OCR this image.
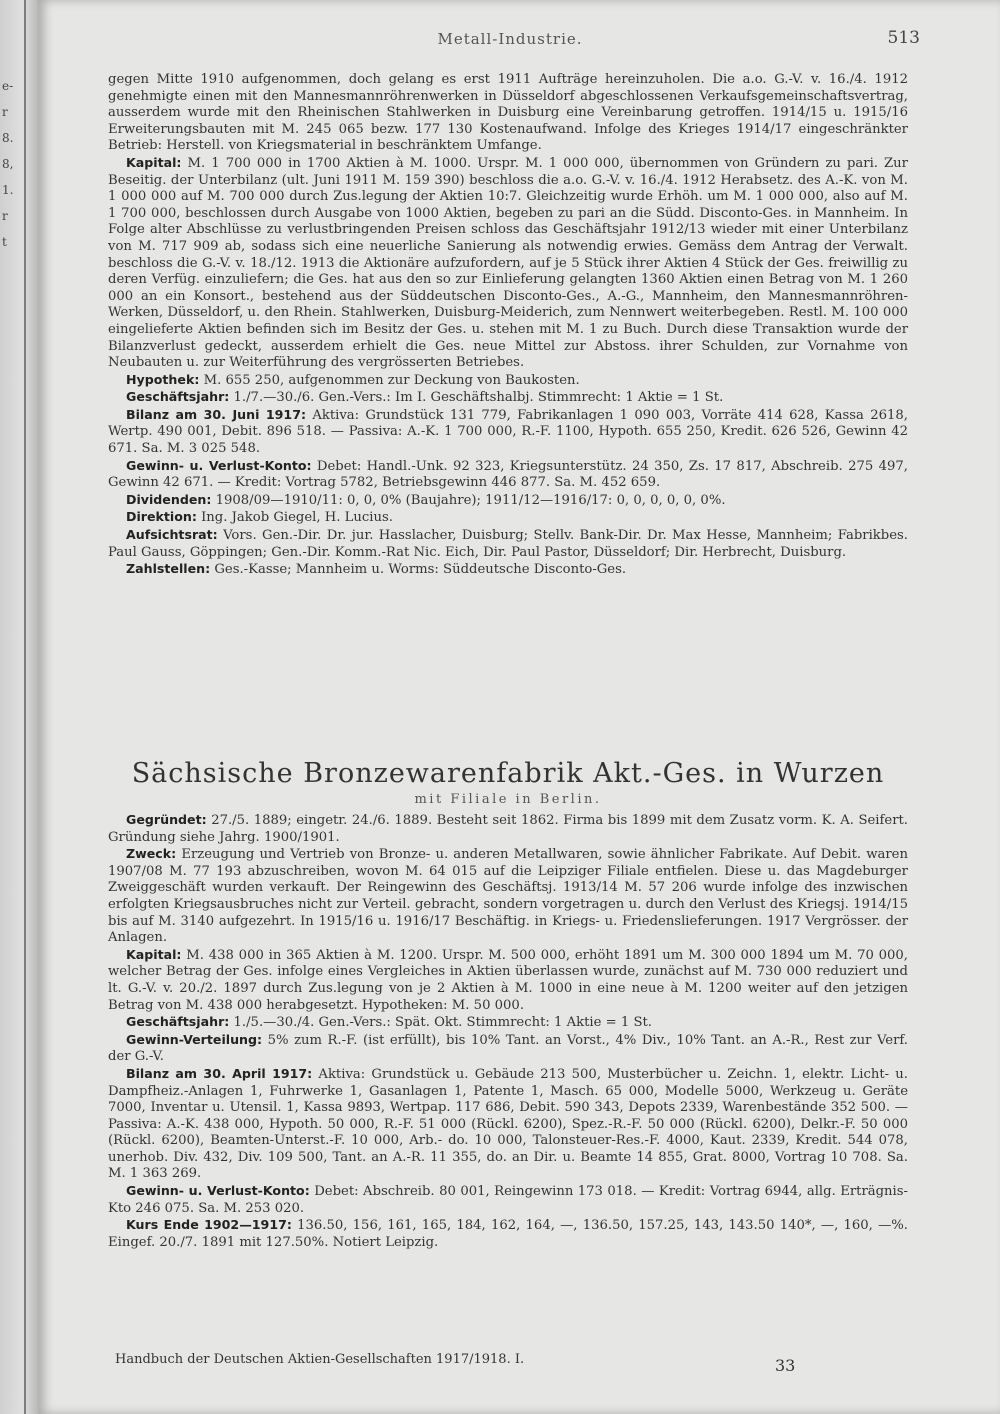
e-
r
8.
8,
1.
r
t
Metall-Industrie.	513

gegen Mitte 1910 aufgenommen, doch gelang es erst 1911 Aufträge hereinzuholen. Die a.o. G.-V. v. 16./4. 1912 genehmigte einen mit den Mannesmannröhrenwerken in Düsseldorf abgeschlossenen Verkaufsgemeinschaftsvertrag, ausserdem wurde mit den Rheinischen Stahlwerken in Duisburg eine Vereinbarung getroffen. 1914/15 u. 1915/16 Erweiterungsbauten mit M. 245 065 bezw. 177 130 Kostenaufwand. Infolge des Krieges 1914/17 eingeschränkter Betrieb: Herstell. von Kriegsmaterial in beschränktem Umfange.

Kapital: M. 1 700 000 in 1700 Aktien à M. 1000. Urspr. M. 1 000 000, übernommen von Gründern zu pari. Zur Beseitig. der Unterbilanz (ult. Juni 1911 M. 159 390) beschloss die a.o. G.-V. v. 16./4. 1912 Herabsetz. des A.-K. von M. 1 000 000 auf M. 700 000 durch Zus.legung der Aktien 10:7. Gleichzeitig wurde Erhöh. um M. 1 000 000, also auf M. 1 700 000, beschlossen durch Ausgabe von 1000 Aktien, begeben zu pari an die Südd. Disconto-Ges. in Mannheim. In Folge alter Abschlüsse zu verlustbringenden Preisen schloss das Geschäftsjahr 1912/13 wieder mit einer Unterbilanz von M. 717 909 ab, sodass sich eine neuerliche Sanierung als notwendig erwies. Gemäss dem Antrag der Verwalt. beschloss die G.-V. v. 18./12. 1913 die Aktionäre aufzufordern, auf je 5 Stück ihrer Aktien 4 Stück der Ges. freiwillig zu deren Verfüg. einzuliefern; die Ges. hat aus den so zur Einlieferung gelangten 1360 Aktien einen Betrag von M. 1 260 000 an ein Konsort., bestehend aus der Süddeutschen Disconto-Ges., A.-G., Mannheim, den Mannesmannröhren-Werken, Düsseldorf, u. den Rhein. Stahlwerken, Duisburg-Meiderich, zum Nennwert weiterbegeben. Restl. M. 100 000 eingelieferte Aktien befinden sich im Besitz der Ges. u. stehen mit M. 1 zu Buch. Durch diese Transaktion wurde der Bilanzverlust gedeckt, ausserdem erhielt die Ges. neue Mittel zur Abstoss. ihrer Schulden, zur Vornahme von Neubauten u. zur Weiterführung des vergrösserten Betriebes.

Hypothek: M. 655 250, aufgenommen zur Deckung von Baukosten.

Geschäftsjahr: 1./7.—30./6. Gen.-Vers.: Im I. Geschäftshalbj. Stimmrecht: 1 Aktie = 1 St.

Bilanz am 30. Juni 1917: Aktiva: Grundstück 131 779, Fabrikanlagen 1 090 003, Vorräte 414 628, Kassa 2618, Wertp. 490 001, Debit. 896 518. — Passiva: A.-K. 1 700 000, R.-F. 1100, Hypoth. 655 250, Kredit. 626 526, Gewinn 42 671. Sa. M. 3 025 548.

Gewinn- u. Verlust-Konto: Debet: Handl.-Unk. 92 323, Kriegsunterstütz. 24 350, Zs. 17 817, Abschreib. 275 497, Gewinn 42 671. — Kredit: Vortrag 5782, Betriebsgewinn 446 877. Sa. M. 452 659.

Dividenden: 1908/09—1910/11: 0, 0, 0% (Baujahre); 1911/12—1916/17: 0, 0, 0, 0, 0, 0%.

Direktion: Ing. Jakob Giegel, H. Lucius.

Aufsichtsrat: Vors. Gen.-Dir. Dr. jur. Hasslacher, Duisburg; Stellv. Bank-Dir. Dr. Max Hesse, Mannheim; Fabrikbes. Paul Gauss, Göppingen; Gen.-Dir. Komm.-Rat Nic. Eich, Dir. Paul Pastor, Düsseldorf; Dir. Herbrecht, Duisburg.

Zahlstellen: Ges.-Kasse; Mannheim u. Worms: Süddeutsche Disconto-Ges.

Sächsische Bronzewarenfabrik Akt.-Ges. in Wurzen
mit Filiale in Berlin.

Gegründet: 27./5. 1889; eingetr. 24./6. 1889. Besteht seit 1862. Firma bis 1899 mit dem Zusatz vorm. K. A. Seifert. Gründung siehe Jahrg. 1900/1901.

Zweck: Erzeugung und Vertrieb von Bronze- u. anderen Metallwaren, sowie ähnlicher Fabrikate. Auf Debit. waren 1907/08 M. 77 193 abzuschreiben, wovon M. 64 015 auf die Leipziger Filiale entfielen. Diese u. das Magdeburger Zweiggeschäft wurden verkauft. Der Reingewinn des Geschäftsj. 1913/14 M. 57 206 wurde infolge des inzwischen erfolgten Kriegsausbruches nicht zur Verteil. gebracht, sondern vorgetragen u. durch den Verlust des Kriegsj. 1914/15 bis auf M. 3140 aufgezehrt. In 1915/16 u. 1916/17 Beschäftig. in Kriegs- u. Friedenslieferungen. 1917 Vergrösser. der Anlagen.

Kapital: M. 438 000 in 365 Aktien à M. 1200. Urspr. M. 500 000, erhöht 1891 um M. 300 000 1894 um M. 70 000, welcher Betrag der Ges. infolge eines Vergleiches in Aktien überlassen wurde, zunächst auf M. 730 000 reduziert und lt. G.-V. v. 20./2. 1897 durch Zus.legung von je 2 Aktien à M. 1000 in eine neue à M. 1200 weiter auf den jetzigen Betrag von M. 438 000 herabgesetzt. Hypotheken: M. 50 000.

Geschäftsjahr: 1./5.—30./4. Gen.-Vers.: Spät. Okt. Stimmrecht: 1 Aktie = 1 St.

Gewinn-Verteilung: 5% zum R.-F. (ist erfüllt), bis 10% Tant. an Vorst., 4% Div., 10% Tant. an A.-R., Rest zur Verf. der G.-V.

Bilanz am 30. April 1917: Aktiva: Grundstück u. Gebäude 213 500, Musterbücher u. Zeichn. 1, elektr. Licht- u. Dampfheiz.-Anlagen 1, Fuhrwerke 1, Gasanlagen 1, Patente 1, Masch. 65 000, Modelle 5000, Werkzeug u. Geräte 7000, Inventar u. Utensil. 1, Kassa 9893, Wertpap. 117 686, Debit. 590 343, Depots 2339, Warenbestände 352 500. — Passiva: A.-K. 438 000, Hypoth. 50 000, R.-F. 51 000 (Rückl. 6200), Spez.-R.-F. 50 000 (Rückl. 6200), Delkr.-F. 50 000 (Rückl. 6200), Beamten-Unterst.-F. 10 000, Arb.- do. 10 000, Talonsteuer-Res.-F. 4000, Kaut. 2339, Kredit. 544 078, unerhob. Div. 432, Div. 109 500, Tant. an A.-R. 11 355, do. an Dir. u. Beamte 14 855, Grat. 8000, Vortrag 10 708. Sa. M. 1 363 269.

Gewinn- u. Verlust-Konto: Debet: Abschreib. 80 001, Reingewinn 173 018. — Kredit: Vortrag 6944, allg. Erträgnis-Kto 246 075. Sa. M. 253 020.

Kurs Ende 1902—1917: 136.50, 156, 161, 165, 184, 162, 164, —, 136.50, 157.25, 143, 143.50 140*, —, 160, —%. Eingef. 20./7. 1891 mit 127.50%. Notiert Leipzig.

Handbuch der Deutschen Aktien-Gesellschaften 1917/1918. I.	33
